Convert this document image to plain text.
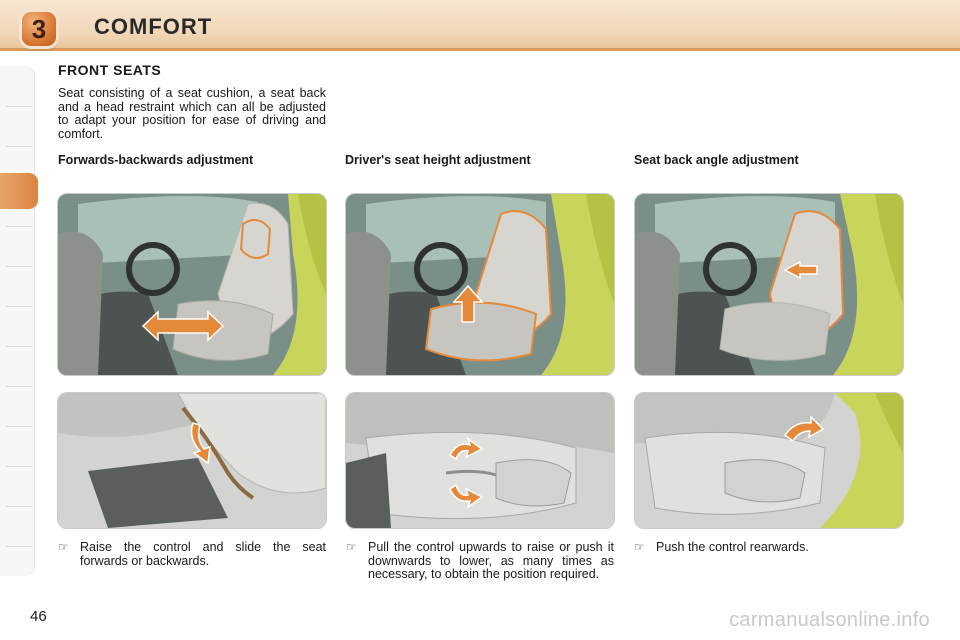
3	COMFORT
FRONT SEATS
Seat consisting of a seat cushion, a seat back and a head restraint which can all be adjusted to adapt your position for ease of driving and comfort.
Forwards-backwards adjustment	Driver's seat height adjustment	Seat back angle adjustment
☞ Raise the control and slide the seat forwards or backwards.
☞ Pull the control upwards to raise or push it downwards to lower, as many times as necessary, to obtain the position required.
☞ Push the control rearwards.
46	carmanualsonline.info
